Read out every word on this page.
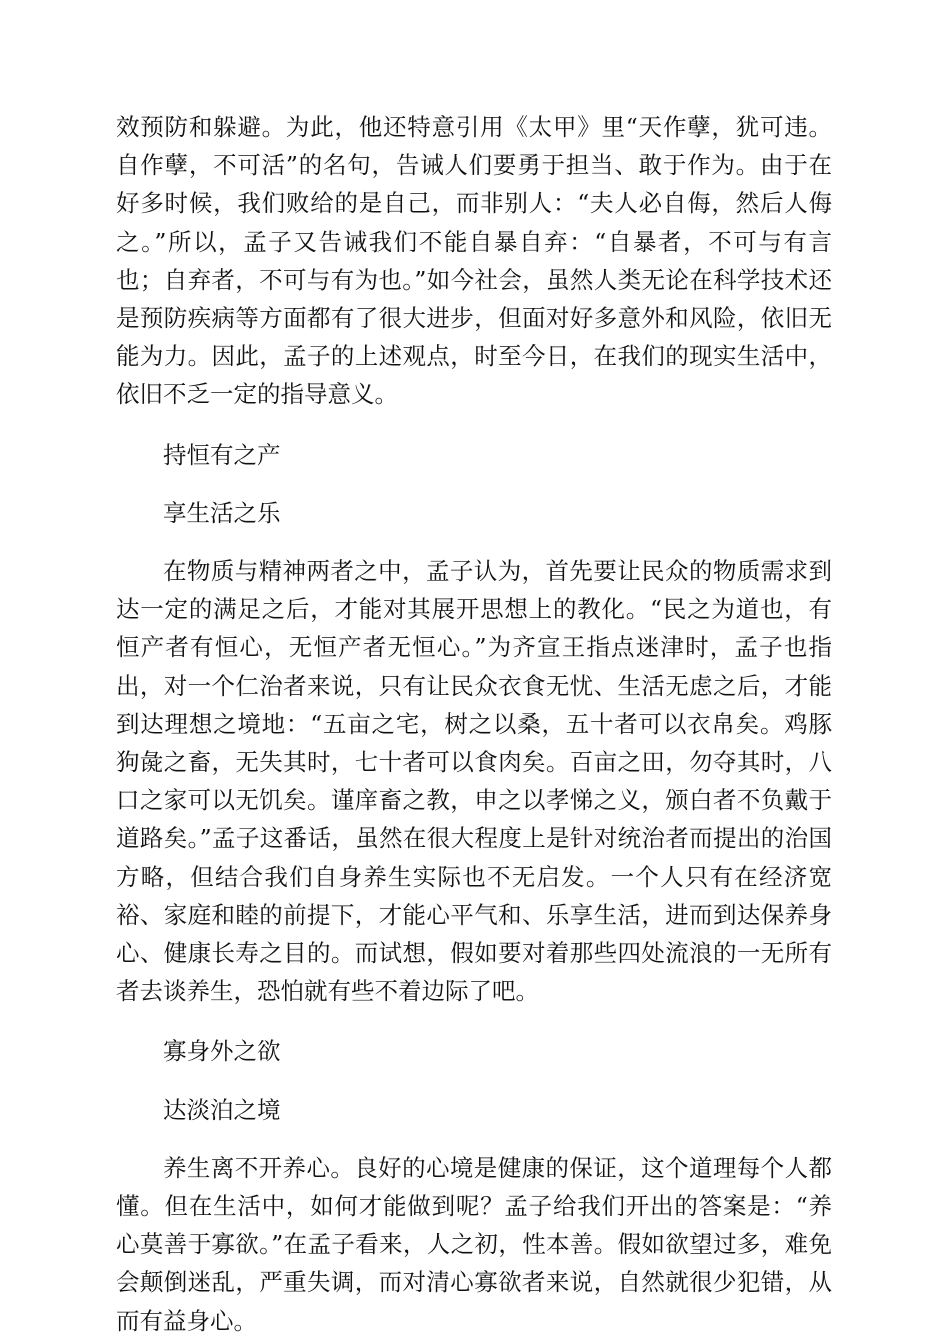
效预防和躲避。为此，他还特意引用《太甲》里“天作孽，犹可违。自作孽，不可活”的名句，告诫人们要勇于担当、敢于作为。由于在好多时候，我们败给的是自己，而非别人：“夫人必自侮，然后人侮之。”所以，孟子又告诫我们不能自暴自弃：“自暴者，不可与有言也；自弃者，不可与有为也。”如今社会，虽然人类无论在科学技术还是预防疾病等方面都有了很大进步，但面对好多意外和风险，依旧无能为力。因此，孟子的上述观点，时至今日，在我们的现实生活中，依旧不乏一定的指导意义。

持恒有之产

享生活之乐

在物质与精神两者之中，孟子认为，首先要让民众的物质需求到达一定的满足之后，才能对其展开思想上的教化。“民之为道也，有恒产者有恒心，无恒产者无恒心。”为齐宣王指点迷津时，孟子也指出，对一个仁治者来说，只有让民众衣食无忧、生活无虑之后，才能到达理想之境地：“五亩之宅，树之以桑，五十者可以衣帛矣。鸡豚狗彘之畜，无失其时，七十者可以食肉矣。百亩之田，勿夺其时，八口之家可以无饥矣。谨庠畜之教，申之以孝悌之义，颁白者不负戴于道路矣。”孟子这番话，虽然在很大程度上是针对统治者而提出的治国方略，但结合我们自身养生实际也不无启发。一个人只有在经济宽裕、家庭和睦的前提下，才能心平气和、乐享生活，进而到达保养身心、健康长寿之目的。而试想，假如要对着那些四处流浪的一无所有者去谈养生，恐怕就有些不着边际了吧。

寡身外之欲

达淡泊之境

养生离不开养心。良好的心境是健康的保证，这个道理每个人都懂。但在生活中，如何才能做到呢？孟子给我们开出的答案是：“养心莫善于寡欲。”在孟子看来，人之初，性本善。假如欲望过多，难免会颠倒迷乱，严重失调，而对清心寡欲者来说，自然就很少犯错，从而有益身心。
